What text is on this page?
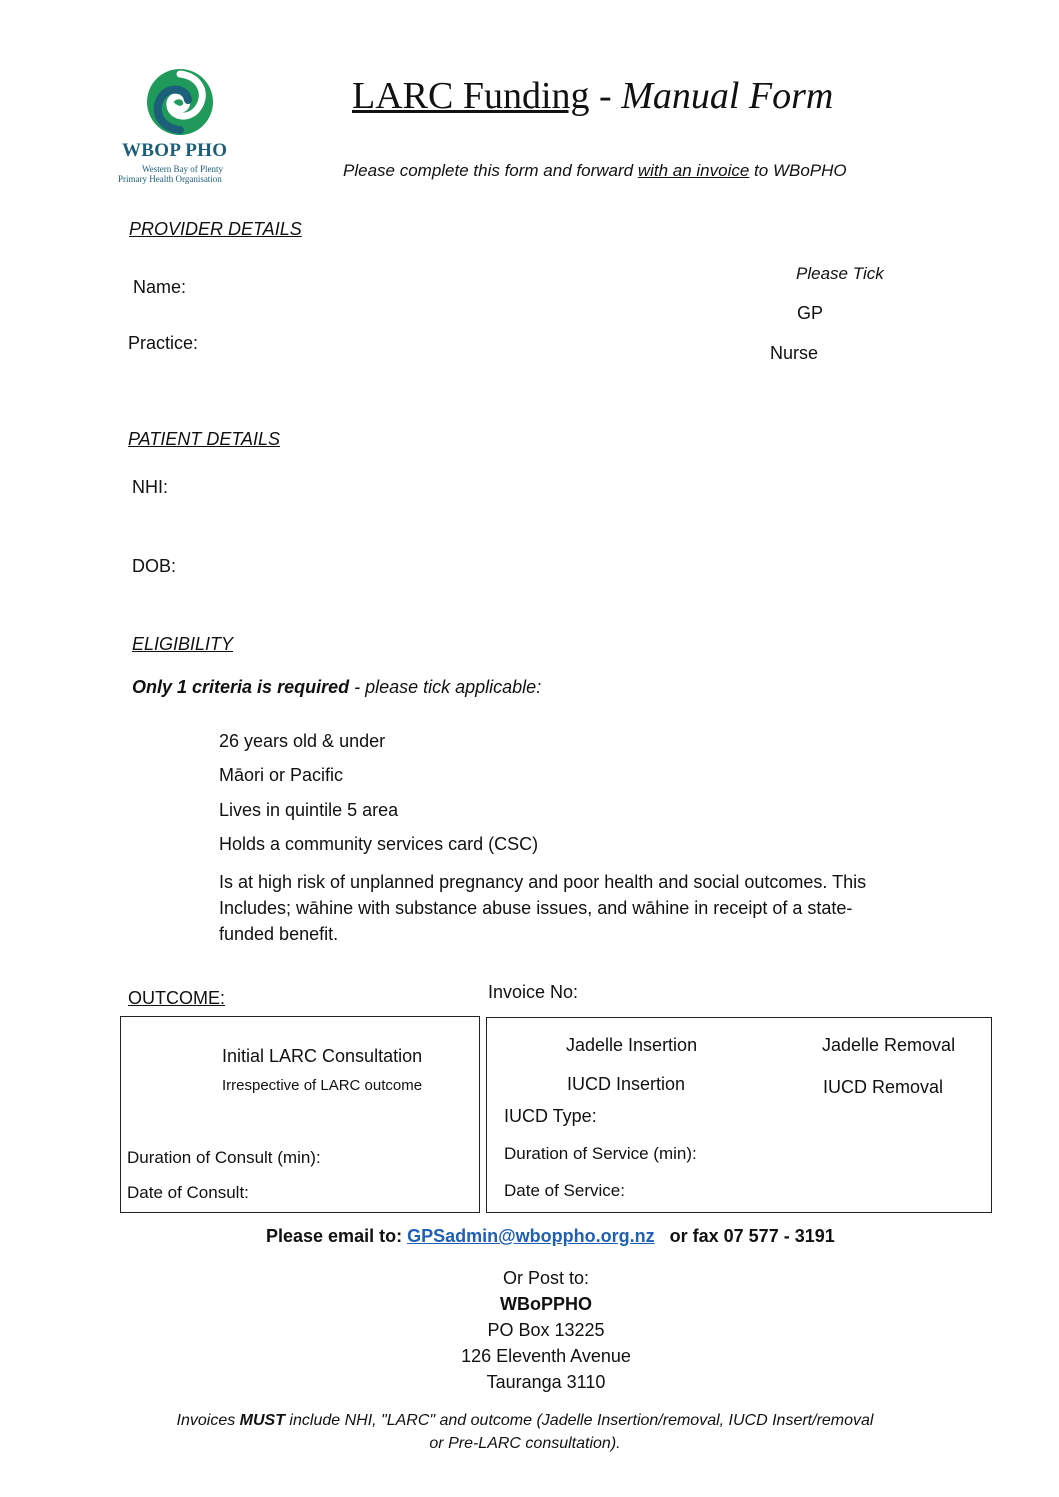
WBOP PHO
Western Bay of Plenty
Primary Health Organisation
LARC Funding - Manual Form
Please complete this form and forward with an invoice to WBoPHO
PROVIDER DETAILS
Name:
Practice:
Please Tick
GP
Nurse
PATIENT DETAILS
NHI:
DOB:
ELIGIBILITY
Only 1 criteria is required - please tick applicable:
26 years old & under
Māori or Pacific
Lives in quintile 5 area
Holds a community services card (CSC)
Is at high risk of unplanned pregnancy and poor health and social outcomes. This
Includes; wāhine with substance abuse issues, and wāhine in receipt of a state-
funded benefit.
OUTCOME:	Invoice No:
Initial LARC Consultation
Irrespective of LARC outcome
Duration of Consult (min):
Date of Consult:
Jadelle Insertion	Jadelle Removal
IUCD Insertion	IUCD Removal
IUCD Type:
Duration of Service (min):
Date of Service:
Please email to: GPSadmin@wboppho.org.nz   or fax 07 577 - 3191
Or Post to:
WBoPPHO
PO Box 13225
126 Eleventh Avenue
Tauranga 3110
Invoices MUST include NHI, "LARC" and outcome (Jadelle Insertion/removal, IUCD Insert/removal
or Pre-LARC consultation).
